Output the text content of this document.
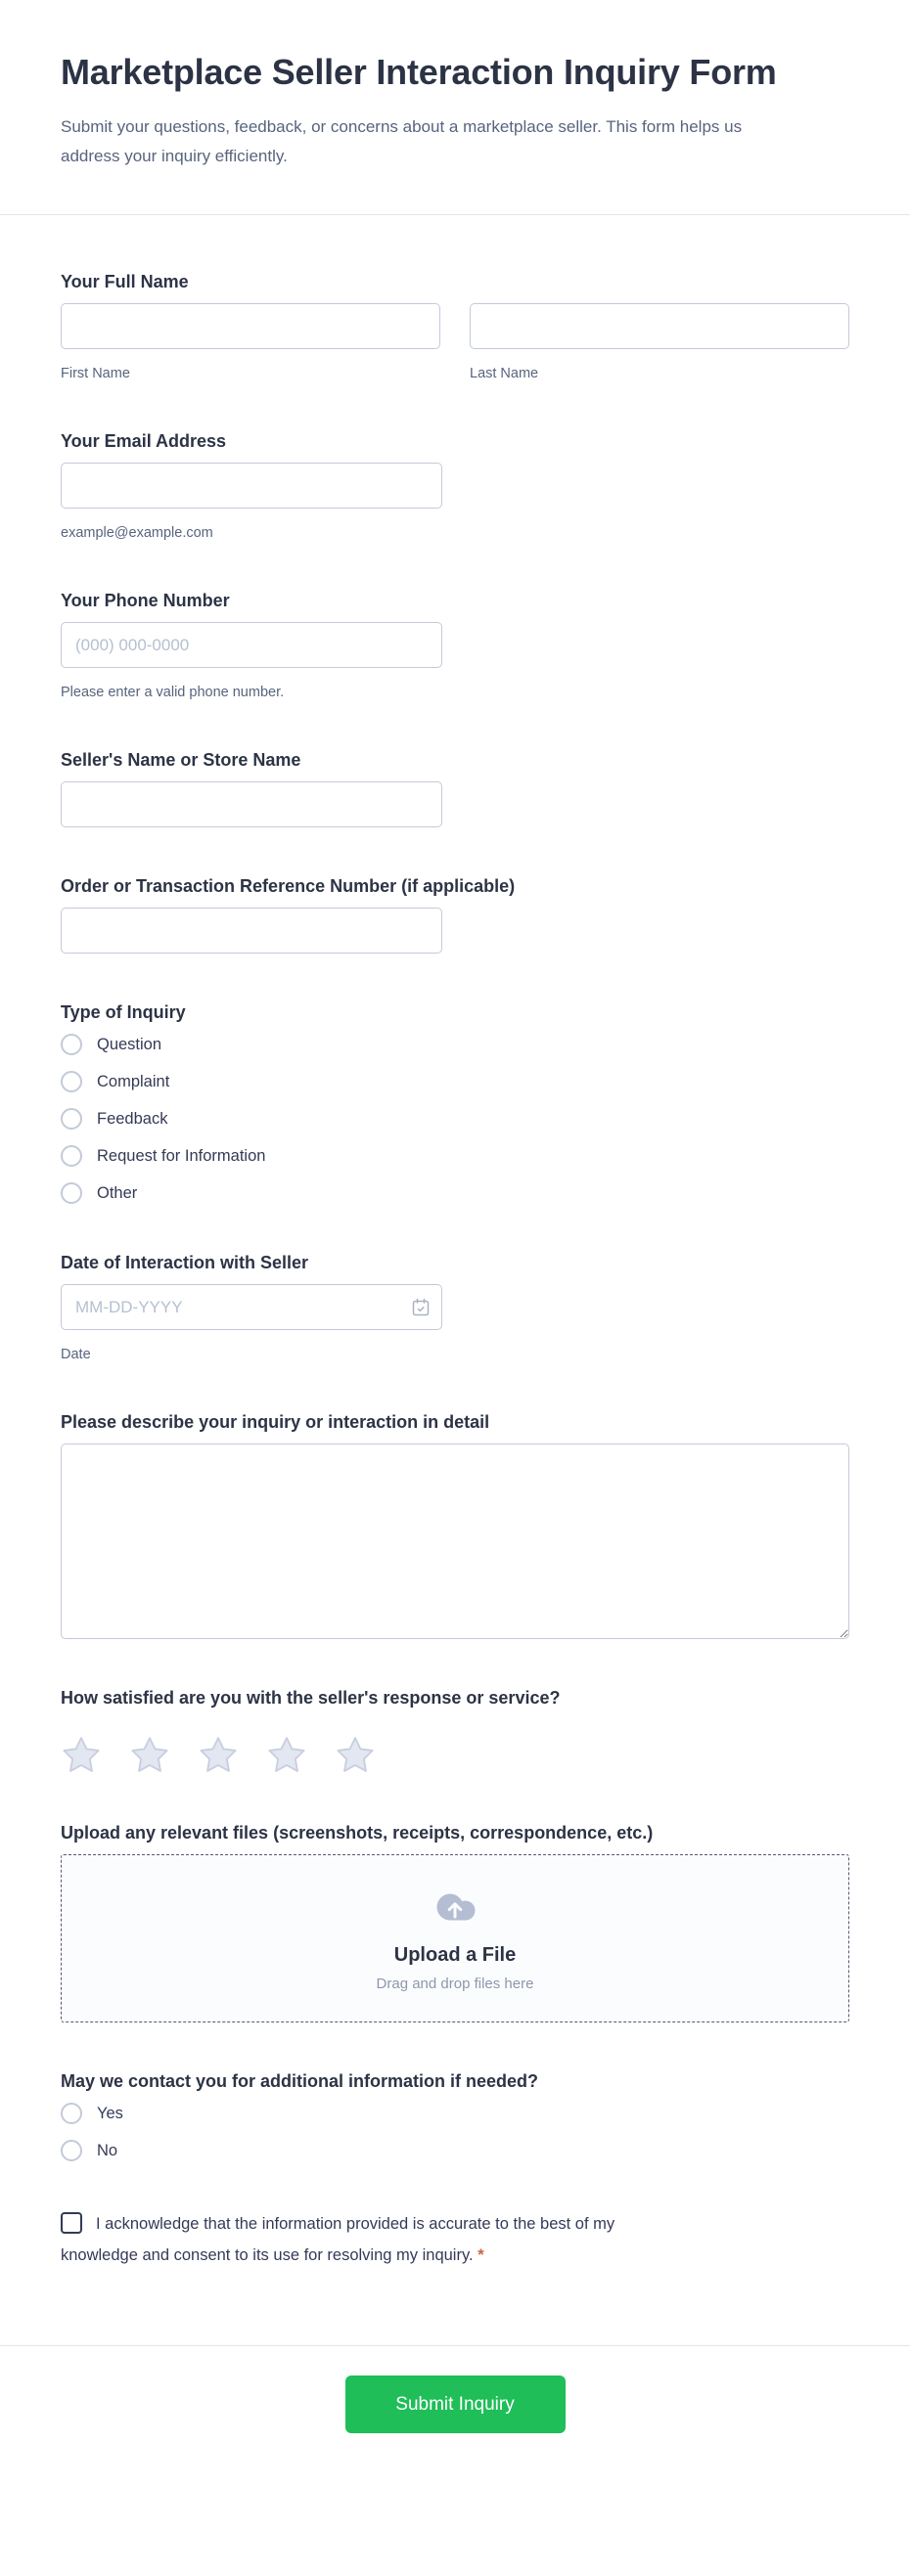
Marketplace Seller Interaction Inquiry Form

Submit your questions, feedback, or concerns about a marketplace seller. This form helps us address your inquiry efficiently.

Your Full Name
First Name	Last Name
Your Email Address
example@example.com
Your Phone Number
(000) 000-0000
Please enter a valid phone number.
Seller's Name or Store Name
Order or Transaction Reference Number (if applicable)
Type of Inquiry
Question
Complaint
Feedback
Request for Information
Other
Date of Interaction with Seller
MM-DD-YYYY
Date
Please describe your inquiry or interaction in detail
How satisfied are you with the seller's response or service?
Upload any relevant files (screenshots, receipts, correspondence, etc.)
Upload a File
Drag and drop files here
May we contact you for additional information if needed?
Yes
No
I acknowledge that the information provided is accurate to the best of my knowledge and consent to its use for resolving my inquiry. *
Submit Inquiry
